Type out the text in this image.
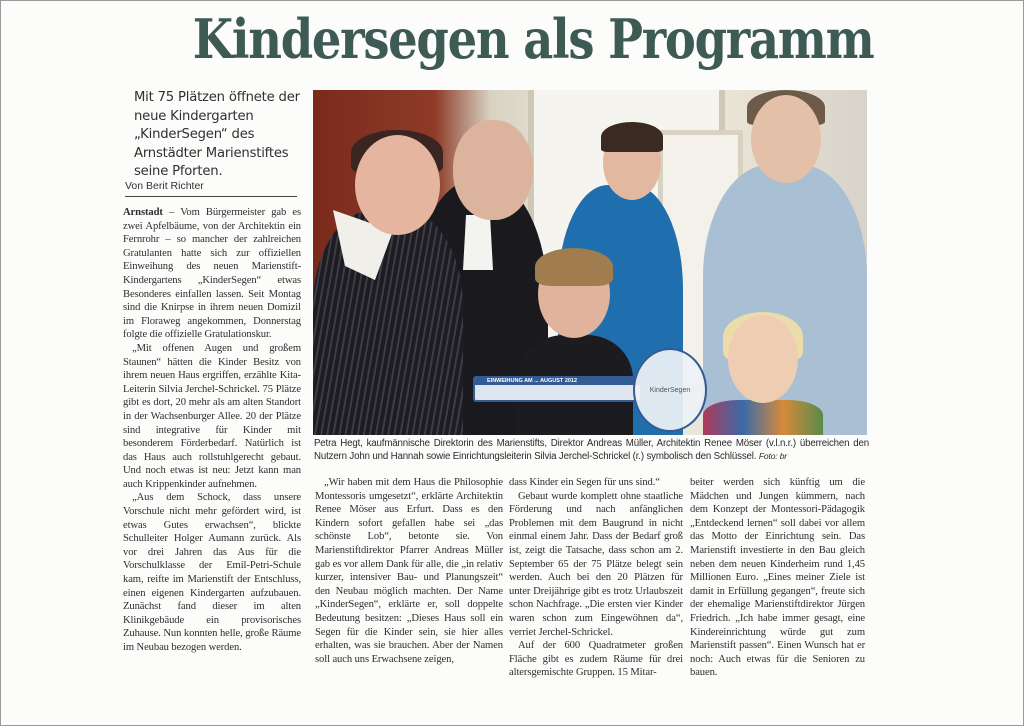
Kindersegen als Programm
Mit 75 Plätzen öffnete der neue Kindergarten „KinderSegen“ des Arnstädter Marienstiftes seine Pforten.
Von Berit Richter

Arnstadt – Vom Bürgermeister gab es zwei Apfelbäume, von der Architektin ein Fernrohr – so mancher der zahlreichen Gratulanten hatte sich zur offiziellen Einweihung des neuen Marienstift-Kindergartens „KinderSegen“ etwas Besonderes einfallen lassen. Seit Montag sind die Knirpse in ihrem neuen Domizil im Floraweg angekommen, Donnerstag folgte die offizielle Gratulationskur.

„Mit offenen Augen und großem Staunen“ hätten die Kinder Besitz von ihrem neuen Haus ergriffen, erzählte Kita-Leiterin Silvia Jerchel-Schrickel. 75 Plätze gibt es dort, 20 mehr als am alten Standort in der Wachsenburger Allee. 20 der Plätze sind integrative für Kinder mit besonderem Förderbedarf. Natürlich ist das Haus auch rollstuhlgerecht gebaut. Und noch etwas ist neu: Jetzt kann man auch Krippenkinder aufnehmen.

„Aus dem Schock, dass unsere Vorschule nicht mehr gefördert wird, ist etwas Gutes erwachsen“, blickte Schulleiter Holger Aumann zurück. Als vor drei Jahren das Aus für die Vorschulklasse der Emil-Petri-Schule kam, reifte im Marienstift der Entschluss, einen eigenen Kindergarten aufzubauen. Zunächst fand dieser im alten Klinikgebäude ein provisorisches Zuhause. Nun konnten helle, große Räume im Neubau bezogen werden.

EINWEIHUNG AM ... AUGUST 2012
KinderSegen
Petra Hegt, kaufmännische Direktorin des Marienstifts, Direktor Andreas Müller, Architektin Renee Möser (v.l.n.r.) überreichen den Nutzern John und Hannah sowie Einrichtungsleiterin Silvia Jerchel-Schrickel (r.) symbolisch den Schlüssel. Foto: br

„Wir haben mit dem Haus die Philosophie Montessoris umgesetzt“, erklärte Architektin Renee Möser aus Erfurt. Dass es den Kindern sofort gefallen habe sei „das schönste Lob“, betonte sie. Von Marienstiftdirektor Pfarrer Andreas Müller gab es vor allem Dank für alle, die „in relativ kurzer, intensiver Bau- und Planungszeit“ den Neubau möglich machten. Der Name „KinderSegen“, erklärte er, soll doppelte Bedeutung besitzen: „Dieses Haus soll ein Segen für die Kinder sein, sie hier alles erhalten, was sie brauchen. Aber der Namen soll auch uns Erwachsene zeigen,

dass Kinder ein Segen für uns sind.“

Gebaut wurde komplett ohne staatliche Förderung und nach anfänglichen Problemen mit dem Baugrund in nicht einmal einem Jahr. Dass der Bedarf groß ist, zeigt die Tatsache, dass schon am 2. September 65 der 75 Plätze belegt sein werden. Auch bei den 20 Plätzen für unter Dreijährige gibt es trotz Urlaubszeit schon Nachfrage. „Die ersten vier Kinder waren schon zum Eingewöhnen da“, verriet Jerchel-Schrickel.

Auf der 600 Quadratmeter großen Fläche gibt es zudem Räume für drei altersgemischte Gruppen. 15 Mitar-

beiter werden sich künftig um die Mädchen und Jungen kümmern, nach dem Konzept der Montessori-Pädagogik „Entdeckend lernen“ soll dabei vor allem das Motto der Einrichtung sein. Das Marienstift investierte in den Bau gleich neben dem neuen Kinderheim rund 1,45 Millionen Euro. „Eines meiner Ziele ist damit in Erfüllung gegangen“, freute sich der ehemalige Marienstiftdirektor Jürgen Friedrich. „Ich habe immer gesagt, eine Kindereinrichtung würde gut zum Marienstift passen“. Einen Wunsch hat er noch: Auch etwas für die Senioren zu bauen.
